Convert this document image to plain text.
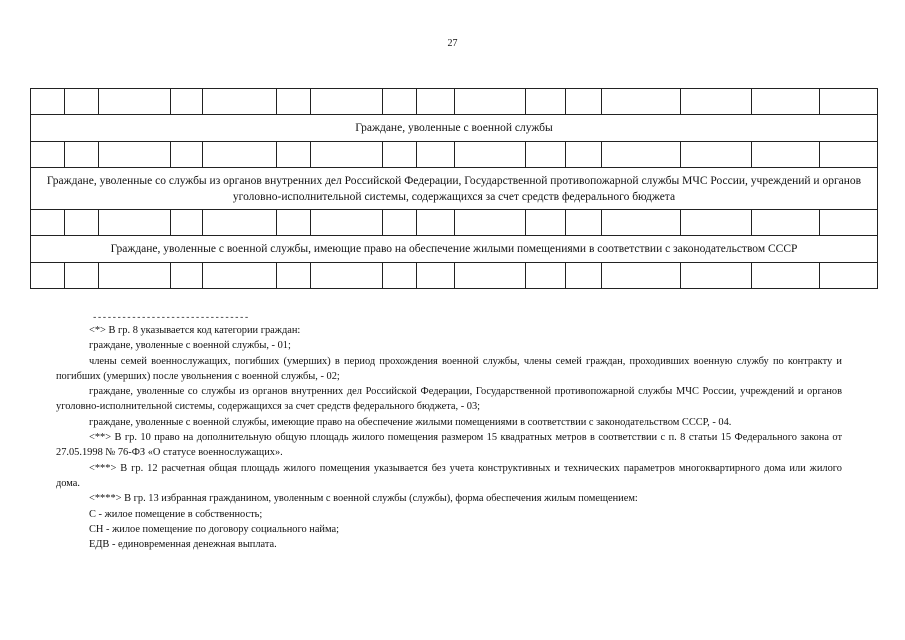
27

Граждане, уволенные с военной службы															

Граждане, уволенные со службы из органов внутренних дел Российской Федерации, Государственной противопожарной службы МЧС России, учреждений и органов уголовно-исполнительной системы, содержащихся за счет средств федерального бюджета															

Граждане, уволенные с военной службы, имеющие право на обеспечение жилыми помещениями в соответствии с законодательством СССР															

--------------------------------

<*> В гр. 8 указывается код категории граждан:

граждане, уволенные с военной службы, - 01;

члены семей военнослужащих, погибших (умерших) в период прохождения военной службы, члены семей граждан, проходивших военную службу по контракту и погибших (умерших) после увольнения с военной службы, - 02;

граждане, уволенные со службы из органов внутренних дел Российской Федерации, Государственной противопожарной службы МЧС России, учреждений и органов уголовно-исполнительной системы, содержащихся за счет средств федерального бюджета, - 03;

граждане, уволенные с военной службы, имеющие право на обеспечение жилыми помещениями в соответствии с законодательством СССР, - 04.

<**> В гр. 10 право на дополнительную общую площадь жилого помещения размером 15 квадратных метров в соответствии с п. 8 статьи 15 Федерального закона от 27.05.1998 № 76-ФЗ «О статусе военнослужащих».

<***> В гр. 12 расчетная общая площадь жилого помещения указывается без учета конструктивных и технических параметров многоквартирного дома или жилого дома.

<****> В гр. 13 избранная гражданином, уволенным с военной службы (службы), форма обеспечения жилым помещением:

С - жилое помещение в собственность;

СН - жилое помещение по договору социального найма;

ЕДВ - единовременная денежная выплата.
